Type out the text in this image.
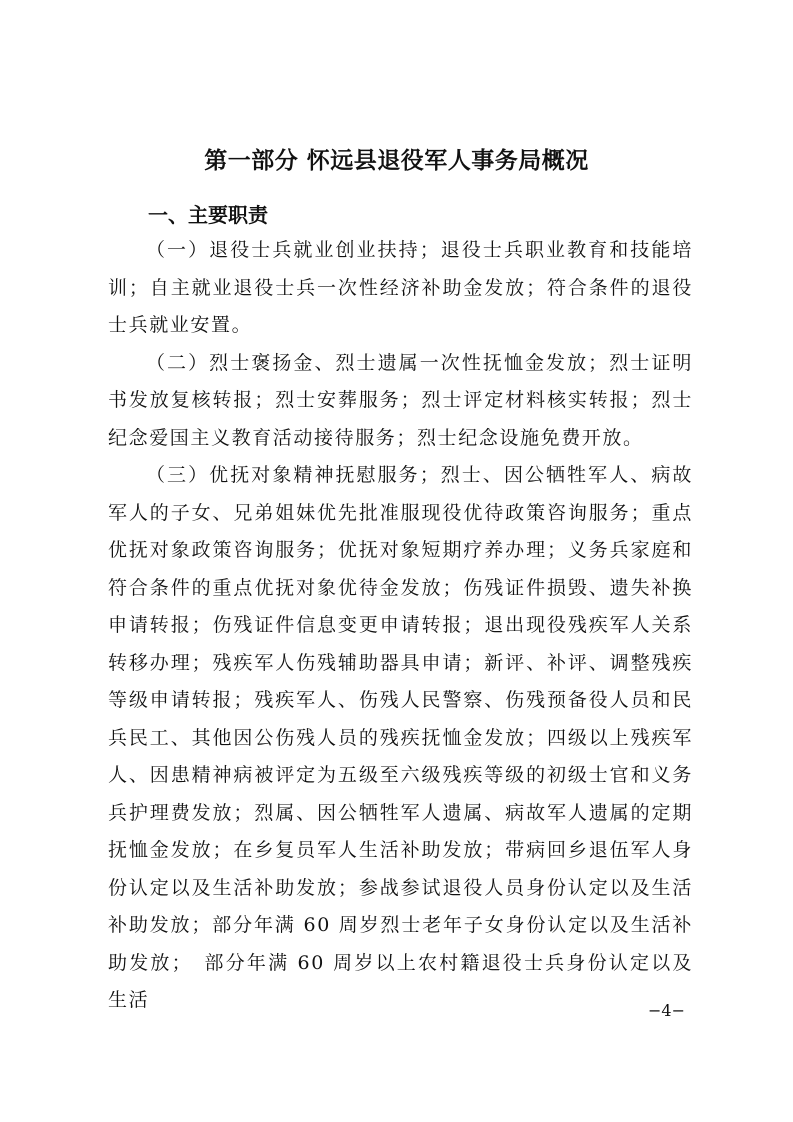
第一部分 怀远县退役军人事务局概况
一、主要职责

（一）退役士兵就业创业扶持；退役士兵职业教育和技能培训；自主就业退役士兵一次性经济补助金发放；符合条件的退役士兵就业安置。

（二）烈士褒扬金、烈士遗属一次性抚恤金发放；烈士证明书发放复核转报；烈士安葬服务；烈士评定材料核实转报；烈士纪念爱国主义教育活动接待服务；烈士纪念设施免费开放。

（三）优抚对象精神抚慰服务；烈士、因公牺牲军人、病故军人的子女、兄弟姐妹优先批准服现役优待政策咨询服务；重点优抚对象政策咨询服务；优抚对象短期疗养办理；义务兵家庭和符合条件的重点优抚对象优待金发放；伤残证件损毁、遗失补换申请转报；伤残证件信息变更申请转报；退出现役残疾军人关系转移办理；残疾军人伤残辅助器具申请；新评、补评、调整残疾等级申请转报；残疾军人、伤残人民警察、伤残预备役人员和民兵民工、其他因公伤残人员的残疾抚恤金发放；四级以上残疾军人、因患精神病被评定为五级至六级残疾等级的初级士官和义务兵护理费发放；烈属、因公牺牲军人遗属、病故军人遗属的定期抚恤金发放；在乡复员军人生活补助发放；带病回乡退伍军人身份认定以及生活补助发放；参战参试退役人员身份认定以及生活补助发放；部分年满 60 周岁烈士老年子女身份认定以及生活补助发放；　部分年满 60 周岁以上农村籍退役士兵身份认定以及生活	−4−
